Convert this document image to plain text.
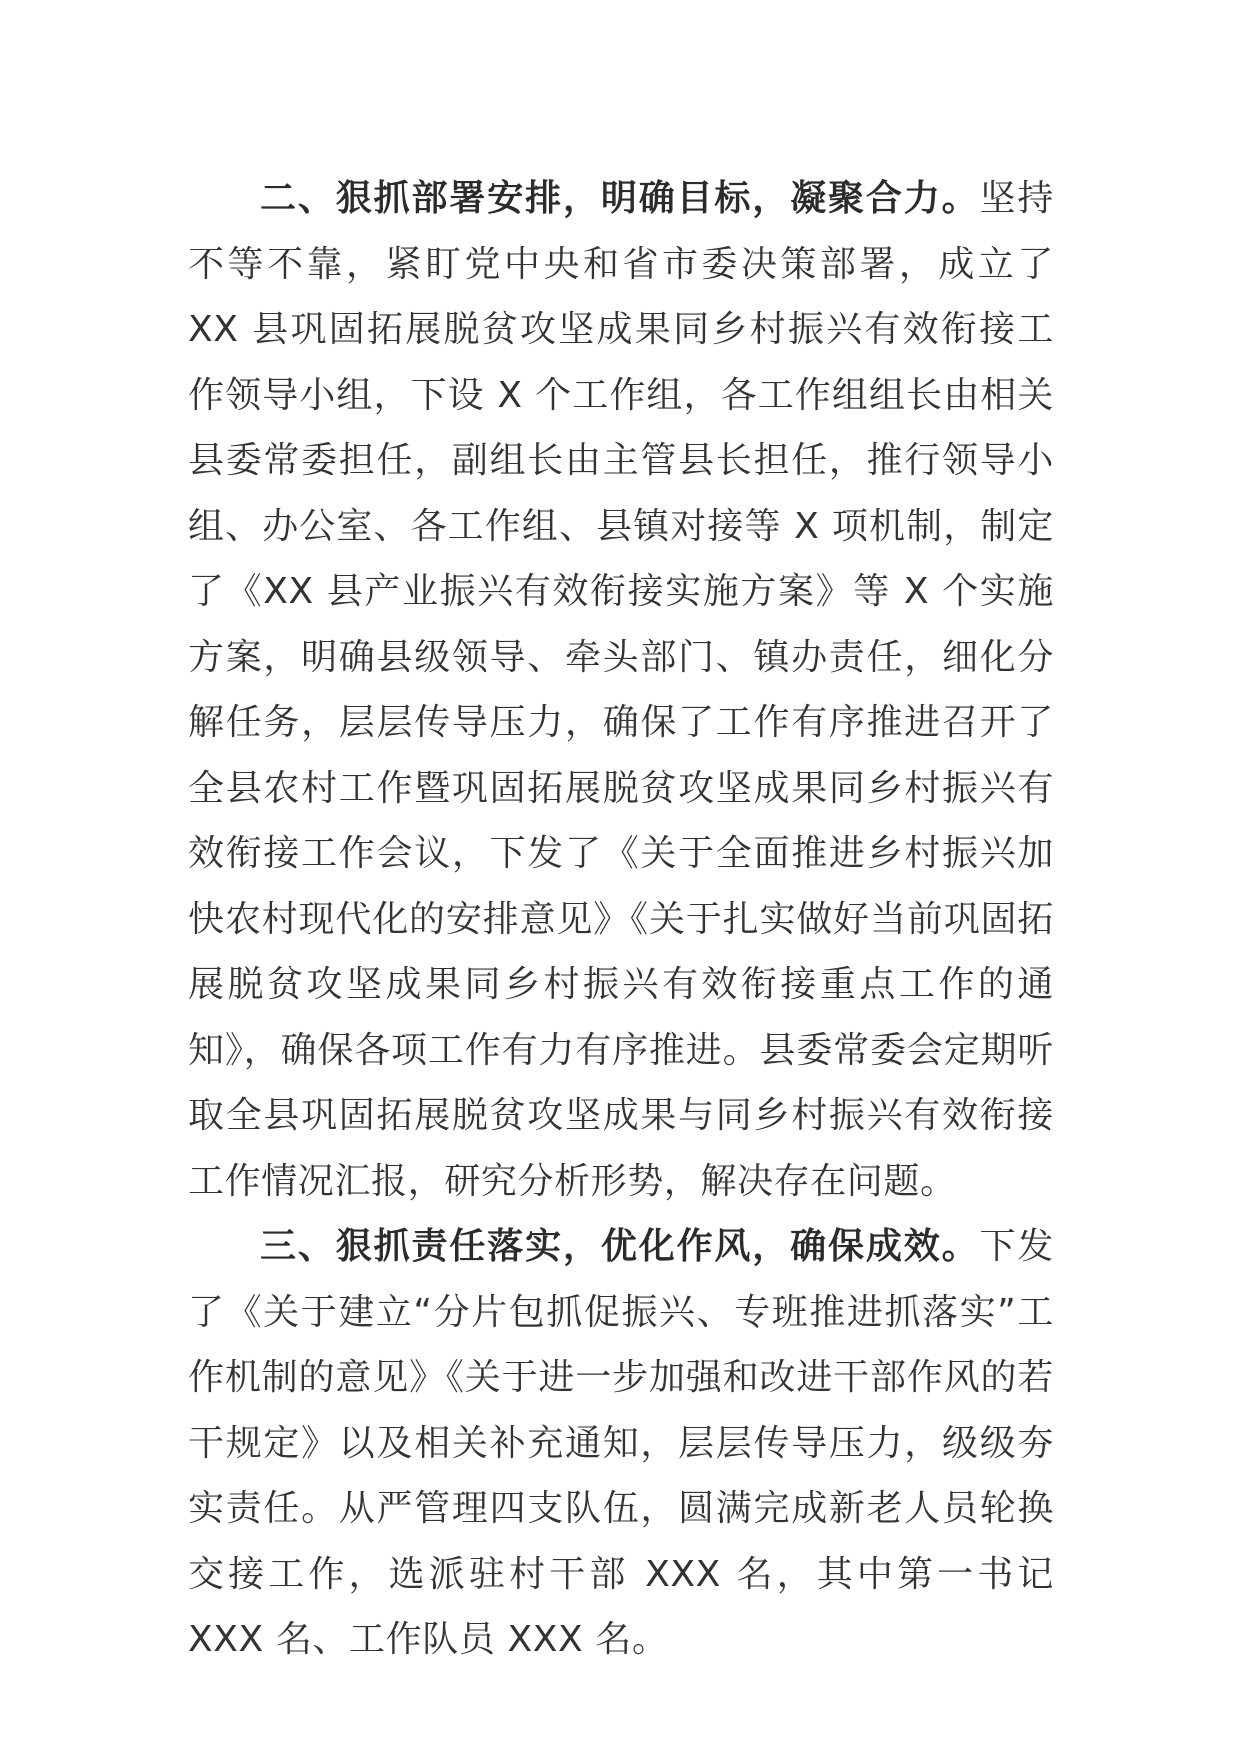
二、狠抓部署安排，明确目标，凝聚合力。坚持不等不靠，紧盯党中央和省市委决策部署，成立了 XX 县巩固拓展脱贫攻坚成果同乡村振兴有效衔接工作领导小组，下设 X 个工作组，各工作组组长由相关县委常委担任，副组长由主管县长担任，推行领导小组、办公室、各工作组、县镇对接等 X 项机制，制定了《XX 县产业振兴有效衔接实施方案》等 X 个实施方案，明确县级领导、牵头部门、镇办责任，细化分解任务，层层传导压力，确保了工作有序推进召开了全县农村工作暨巩固拓展脱贫攻坚成果同乡村振兴有效衔接工作会议，下发了《关于全面推进乡村振兴加快农村现代化的安排意见》《关于扎实做好当前巩固拓展脱贫攻坚成果同乡村振兴有效衔接重点工作的通知》，确保各项工作有力有序推进。县委常委会定期听取全县巩固拓展脱贫攻坚成果与同乡村振兴有效衔接工作情况汇报，研究分析形势，解决存在问题。

三、狠抓责任落实，优化作风，确保成效。下发了《关于建立“分片包抓促振兴、专班推进抓落实”工作机制的意见》《关于进一步加强和改进干部作风的若干规定》以及相关补充通知，层层传导压力，级级夯实责任。从严管理四支队伍，圆满完成新老人员轮换交接工作，选派驻村干部 XXX 名，其中第一书记 XXX 名、工作队员 XXX 名。
